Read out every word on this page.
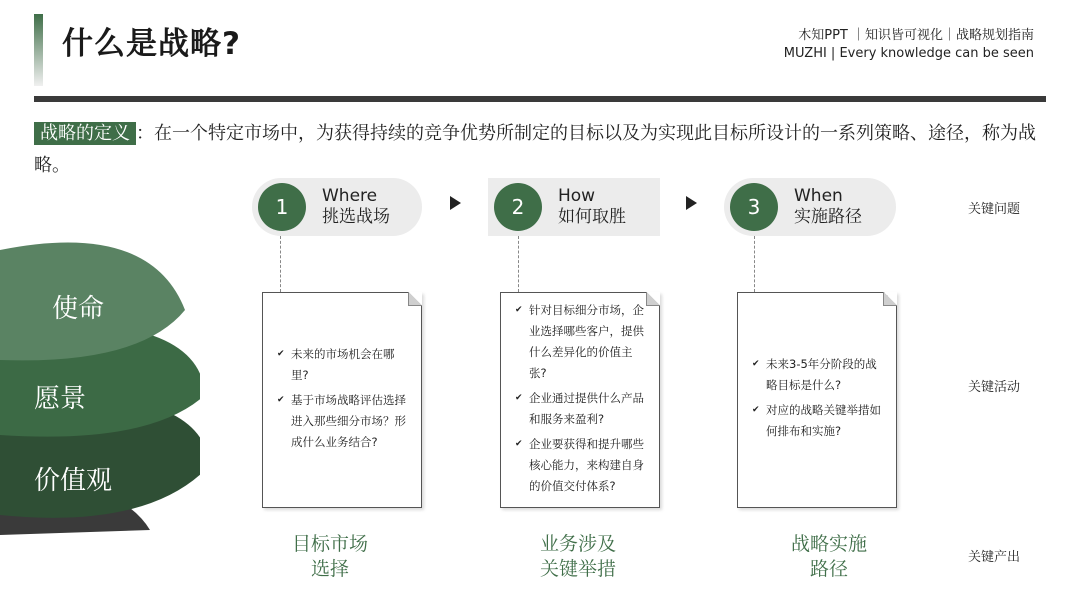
什么是战略?	木知PPT ｜知识皆可视化｜战略规划指南
MUZHI | Every knowledge can be seen
战略的定义 ：在一个特定市场中，为获得持续的竞争优势所制定的目标以及为实现此目标所设计的一系列策略、途径，称为战略。
使命
愿景
价值观
1	Where
挑选战场	2	How
如何取胜	3	When
实施路径
✔ 未来的市场机会在哪里?
✔ 基于市场战略评估选择进入那些细分市场？形成什么业务结合?
✔ 针对目标细分市场，企业选择哪些客户，提供什么差异化的价值主张?
✔ 企业通过提供什么产品和服务来盈利?
✔ 企业要获得和提升哪些核心能力，来构建自身的价值交付体系?
✔ 未来3-5年分阶段的战略目标是什么?
✔ 对应的战略关键举措如何排布和实施?
目标市场
选择
业务涉及
关键举措
战略实施
路径
关键问题
关键活动
关键产出
